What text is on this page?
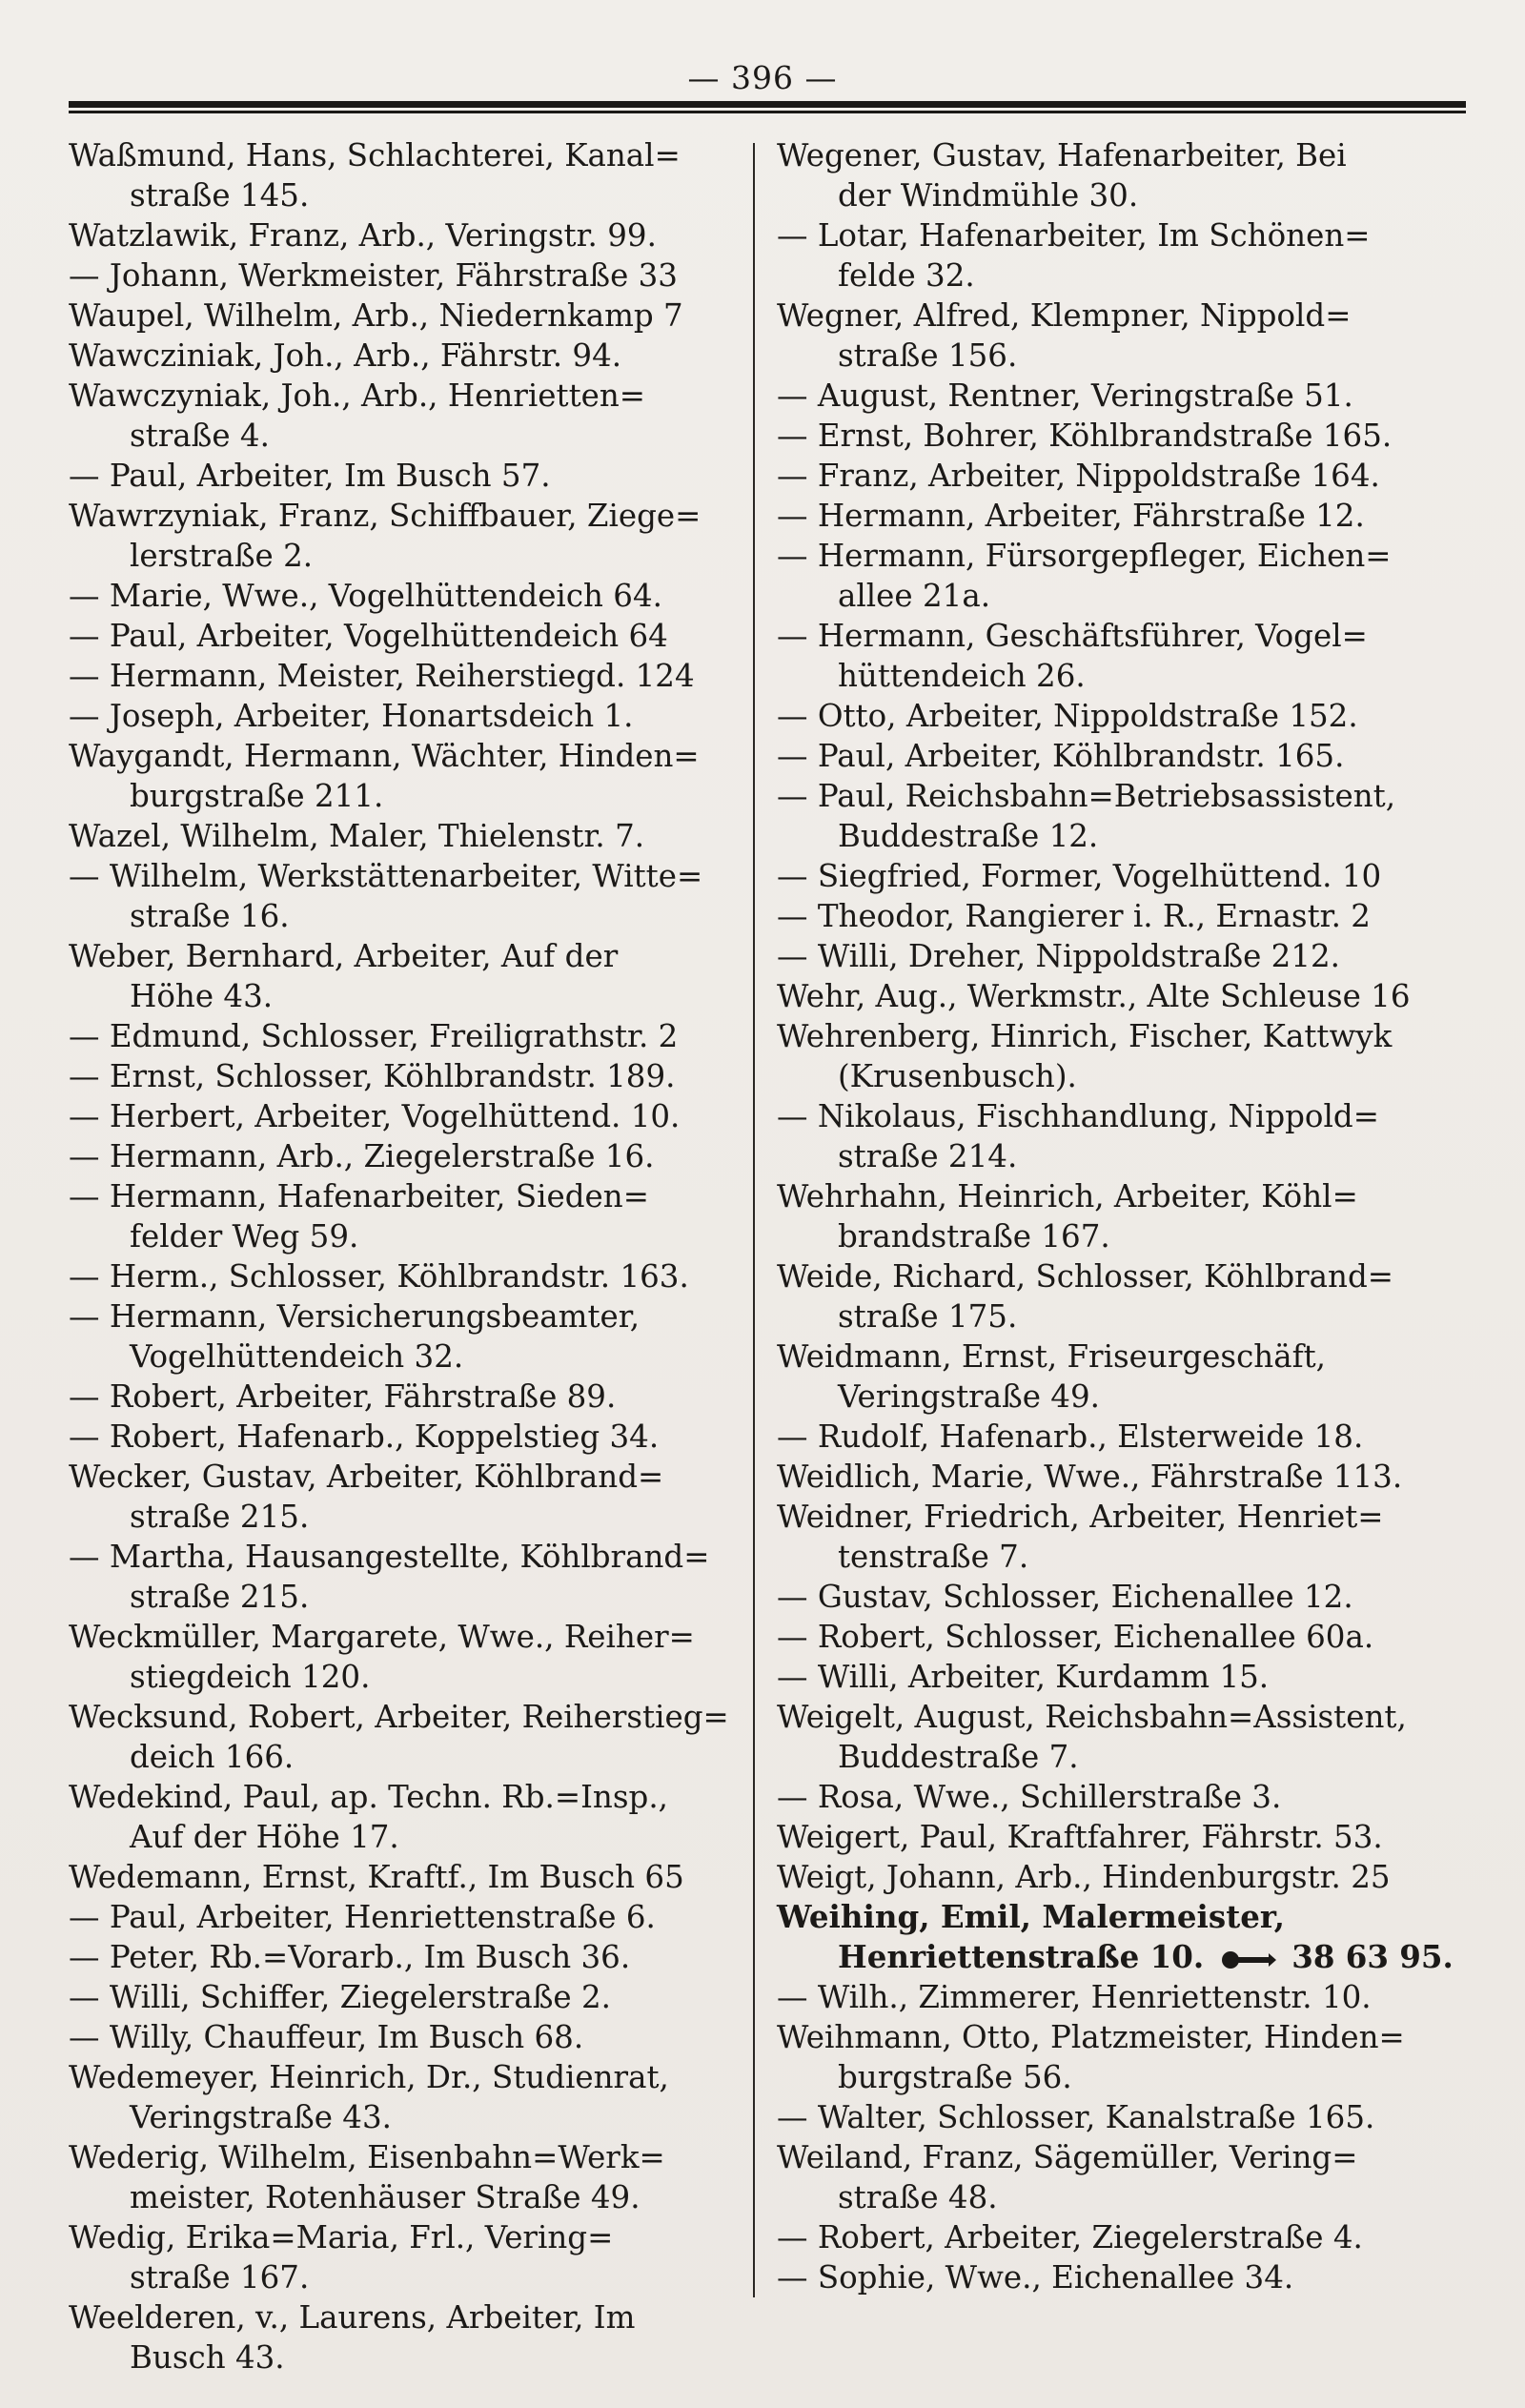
— 396 —
Waßmund, Hans, Schlachterei, Kanal=
straße 145.
Watzlawik, Franz, Arb., Veringstr. 99.
— Johann, Werkmeister, Fährstraße 33
Waupel, Wilhelm, Arb., Niedernkamp 7
Wawcziniak, Joh., Arb., Fährstr. 94.
Wawczyniak, Joh., Arb., Henrietten=
straße 4.
— Paul, Arbeiter, Im Busch 57.
Wawrzyniak, Franz, Schiffbauer, Ziege=
lerstraße 2.
— Marie, Wwe., Vogelhüttendeich 64.
— Paul, Arbeiter, Vogelhüttendeich 64
— Hermann, Meister, Reiherstiegd. 124
— Joseph, Arbeiter, Honartsdeich 1.
Waygandt, Hermann, Wächter, Hinden=
burgstraße 211.
Wazel, Wilhelm, Maler, Thielenstr. 7.
— Wilhelm, Werkstättenarbeiter, Witte=
straße 16.
Weber, Bernhard, Arbeiter, Auf der
Höhe 43.
— Edmund, Schlosser, Freiligrathstr. 2
— Ernst, Schlosser, Köhlbrandstr. 189.
— Herbert, Arbeiter, Vogelhüttend. 10.
— Hermann, Arb., Ziegelerstraße 16.
— Hermann, Hafenarbeiter, Sieden=
felder Weg 59.
— Herm., Schlosser, Köhlbrandstr. 163.
— Hermann, Versicherungsbeamter,
Vogelhüttendeich 32.
— Robert, Arbeiter, Fährstraße 89.
— Robert, Hafenarb., Koppelstieg 34.
Wecker, Gustav, Arbeiter, Köhlbrand=
straße 215.
— Martha, Hausangestellte, Köhlbrand=
straße 215.
Weckmüller, Margarete, Wwe., Reiher=
stiegdeich 120.
Wecksund, Robert, Arbeiter, Reiherstieg=
deich 166.
Wedekind, Paul, ap. Techn. Rb.=Insp.,
Auf der Höhe 17.
Wedemann, Ernst, Kraftf., Im Busch 65
— Paul, Arbeiter, Henriettenstraße 6.
— Peter, Rb.=Vorarb., Im Busch 36.
— Willi, Schiffer, Ziegelerstraße 2.
— Willy, Chauffeur, Im Busch 68.
Wedemeyer, Heinrich, Dr., Studienrat,
Veringstraße 43.
Wederig, Wilhelm, Eisenbahn=Werk=
meister, Rotenhäuser Straße 49.
Wedig, Erika=Maria, Frl., Vering=
straße 167.
Weelderen, v., Laurens, Arbeiter, Im
Busch 43.
Wegener, Gustav, Hafenarbeiter, Bei
der Windmühle 30.
— Lotar, Hafenarbeiter, Im Schönen=
felde 32.
Wegner, Alfred, Klempner, Nippold=
straße 156.
— August, Rentner, Veringstraße 51.
— Ernst, Bohrer, Köhlbrandstraße 165.
— Franz, Arbeiter, Nippoldstraße 164.
— Hermann, Arbeiter, Fährstraße 12.
— Hermann, Fürsorgepfleger, Eichen=
allee 21a.
— Hermann, Geschäftsführer, Vogel=
hüttendeich 26.
— Otto, Arbeiter, Nippoldstraße 152.
— Paul, Arbeiter, Köhlbrandstr. 165.
— Paul, Reichsbahn=Betriebsassistent,
Buddestraße 12.
— Siegfried, Former, Vogelhüttend. 10
— Theodor, Rangierer i. R., Ernastr. 2
— Willi, Dreher, Nippoldstraße 212.
Wehr, Aug., Werkmstr., Alte Schleuse 16
Wehrenberg, Hinrich, Fischer, Kattwyk
(Krusenbusch).
— Nikolaus, Fischhandlung, Nippold=
straße 214.
Wehrhahn, Heinrich, Arbeiter, Köhl=
brandstraße 167.
Weide, Richard, Schlosser, Köhlbrand=
straße 175.
Weidmann, Ernst, Friseurgeschäft,
Veringstraße 49.
— Rudolf, Hafenarb., Elsterweide 18.
Weidlich, Marie, Wwe., Fährstraße 113.
Weidner, Friedrich, Arbeiter, Henriet=
tenstraße 7.
— Gustav, Schlosser, Eichenallee 12.
— Robert, Schlosser, Eichenallee 60a.
— Willi, Arbeiter, Kurdamm 15.
Weigelt, August, Reichsbahn=Assistent,
Buddestraße 7.
— Rosa, Wwe., Schillerstraße 3.
Weigert, Paul, Kraftfahrer, Fährstr. 53.
Weigt, Johann, Arb., Hindenburgstr. 25
Weihing, Emil, Malermeister,
Henriettenstraße 10.	38 63 95.
— Wilh., Zimmerer, Henriettenstr. 10.
Weihmann, Otto, Platzmeister, Hinden=
burgstraße 56.
— Walter, Schlosser, Kanalstraße 165.
Weiland, Franz, Sägemüller, Vering=
straße 48.
— Robert, Arbeiter, Ziegelerstraße 4.
— Sophie, Wwe., Eichenallee 34.
